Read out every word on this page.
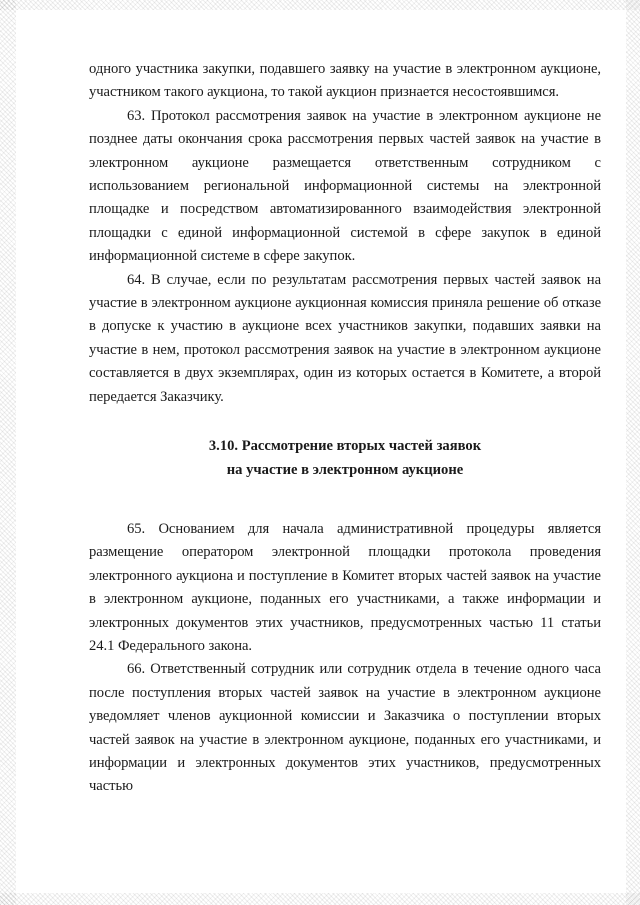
одного участника закупки, подавшего заявку на участие в электронном аукционе, участником такого аукциона, то такой аукцион признается несостоявшимся.

63. Протокол рассмотрения заявок на участие в электронном аукционе не позднее даты окончания срока рассмотрения первых частей заявок на участие в электронном аукционе размещается ответственным сотрудником с использованием региональной информационной системы на электронной площадке и посредством автоматизированного взаимодействия электронной площадки с единой информационной системой в сфере закупок в единой информационной системе в сфере закупок.

64. В случае, если по результатам рассмотрения первых частей заявок на участие в электронном аукционе аукционная комиссия приняла решение об отказе в допуске к участию в аукционе всех участников закупки, подавших заявки на участие в нем, протокол рассмотрения заявок на участие в электронном аукционе составляется в двух экземплярах, один из которых остается в Комитете, а второй передается Заказчику.

3.10. Рассмотрение вторых частей заявок
на участие в электронном аукционе

65. Основанием для начала административной процедуры является размещение оператором электронной площадки протокола проведения электронного аукциона и поступление в Комитет вторых частей заявок на участие в электронном аукционе, поданных его участниками, а также информации и электронных документов этих участников, предусмотренных частью 11 статьи 24.1 Федерального закона.

66. Ответственный сотрудник или сотрудник отдела в течение одного часа после поступления вторых частей заявок на участие в электронном аукционе уведомляет членов аукционной комиссии и Заказчика о поступлении вторых частей заявок на участие в электронном аукционе, поданных его участниками, и информации и электронных документов этих участников, предусмотренных частью
